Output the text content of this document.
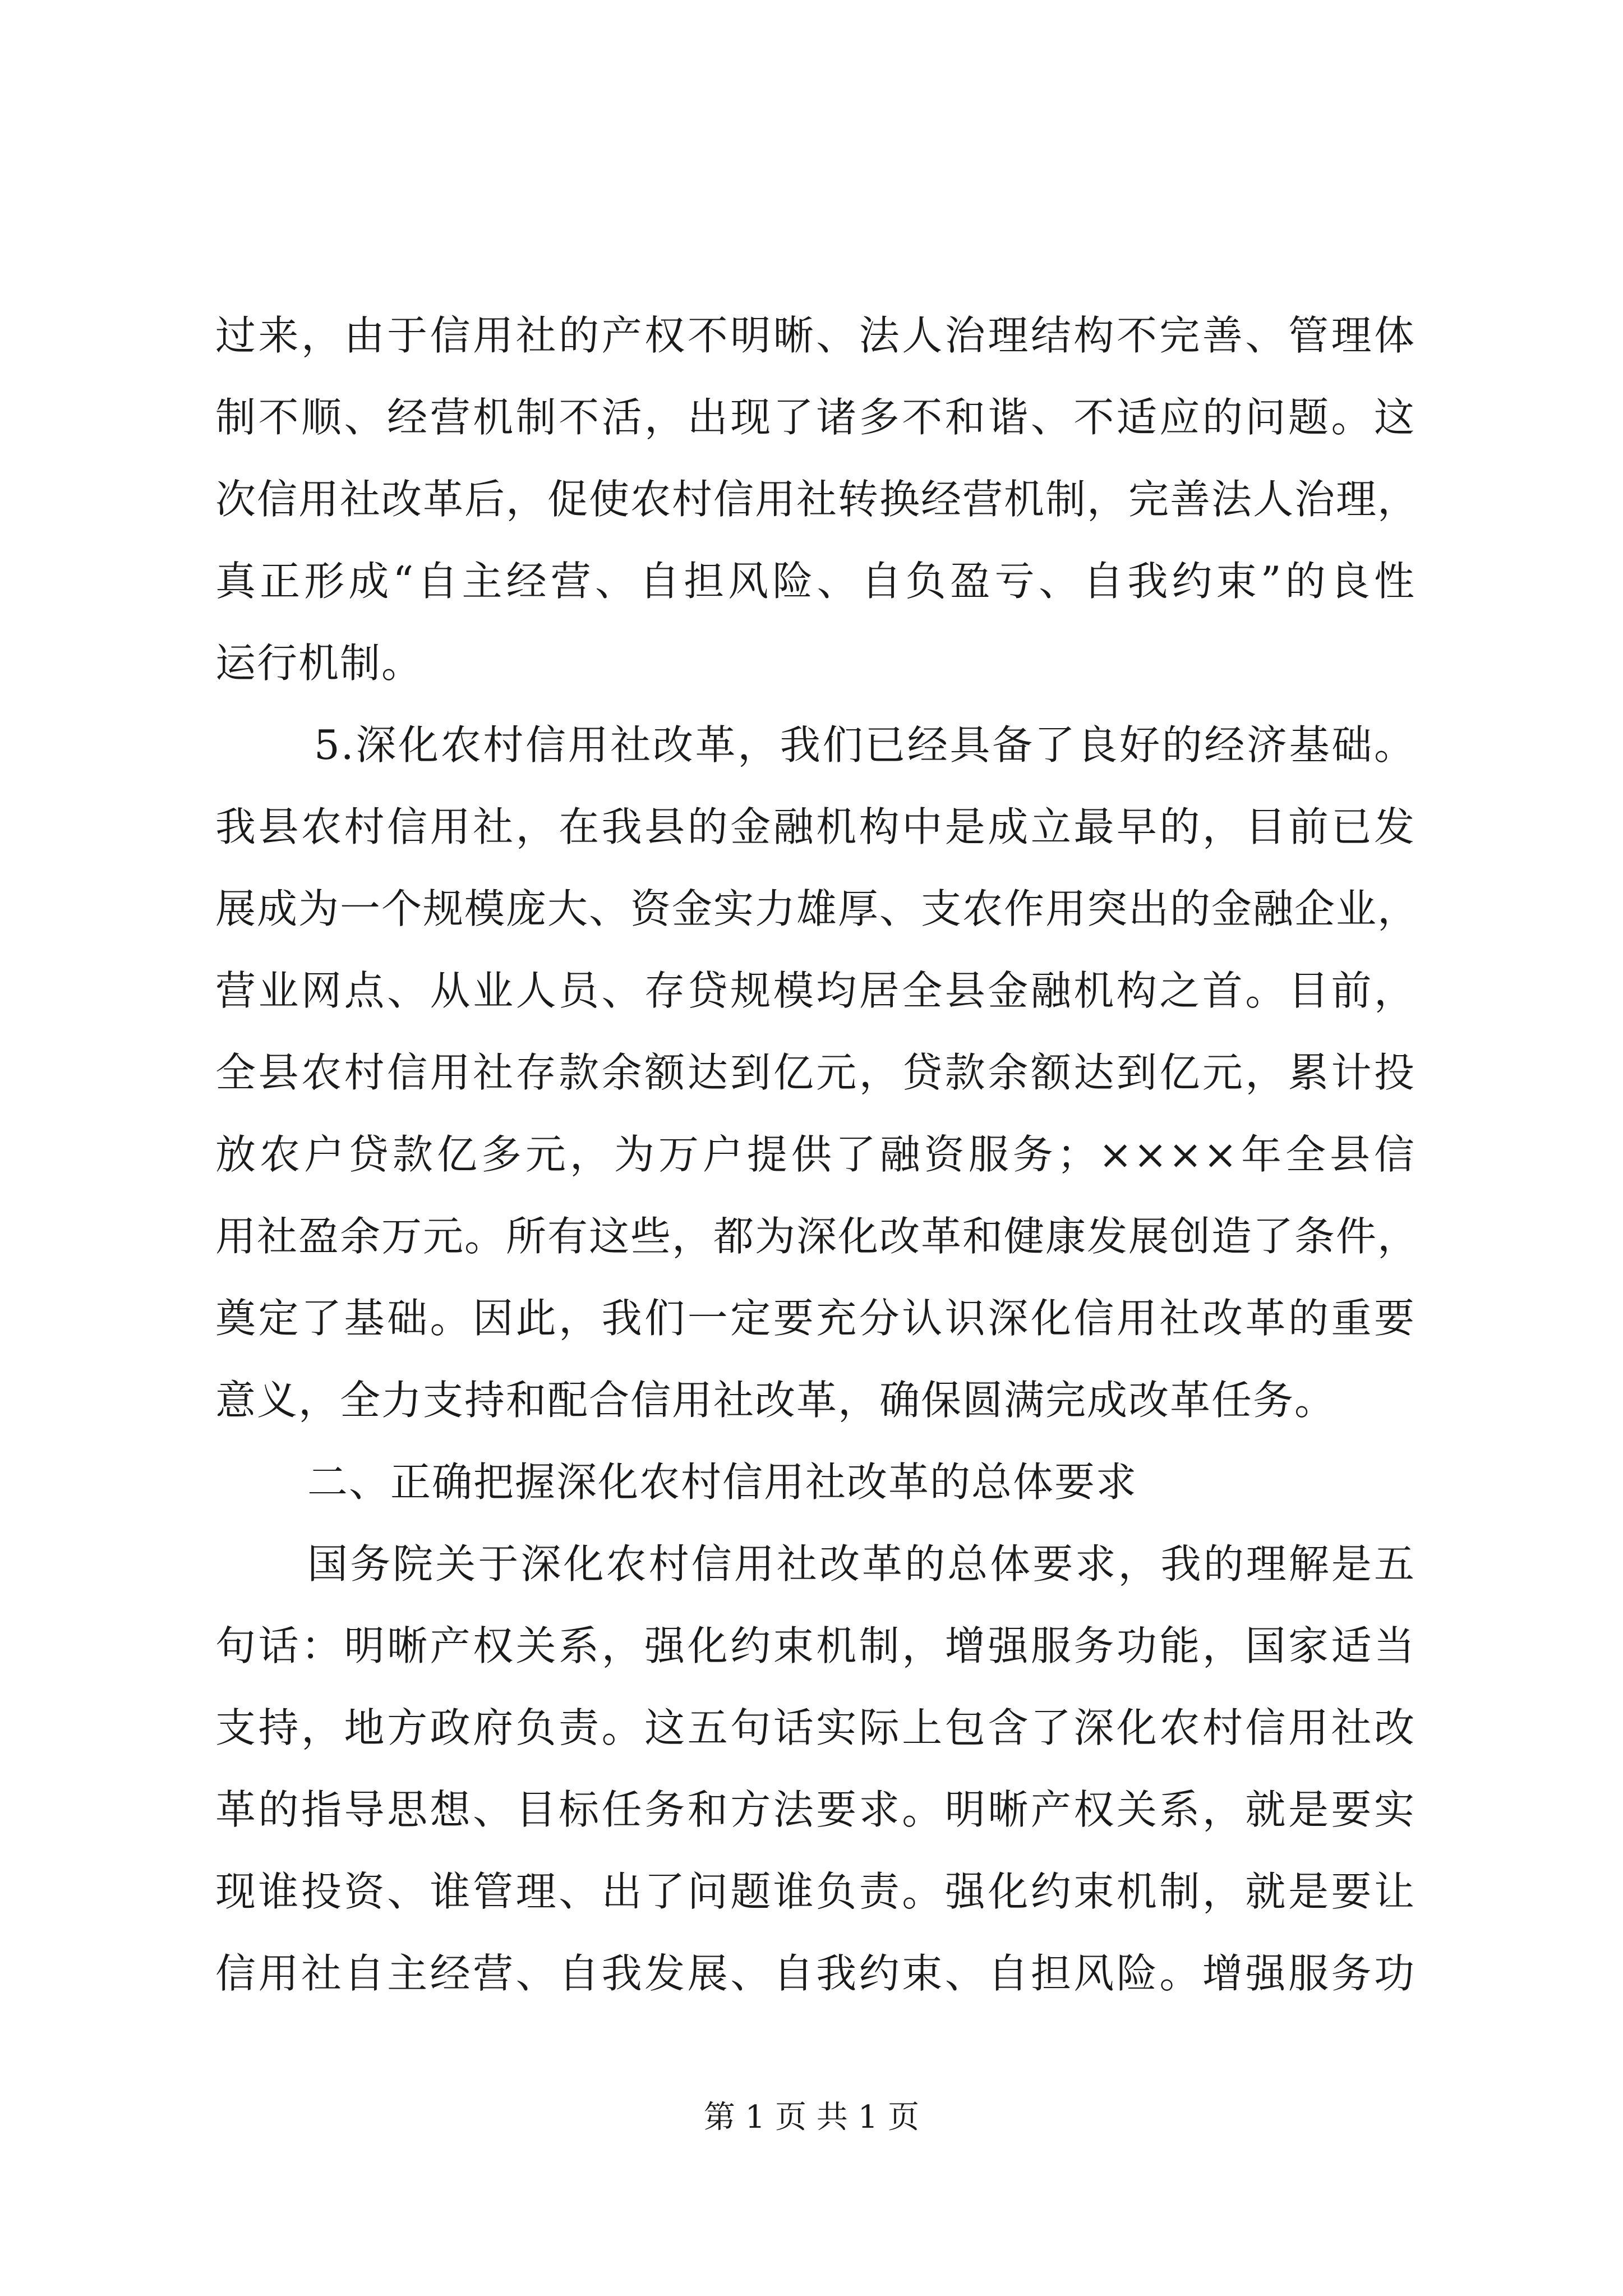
过来，由于信用社的产权不明晰、法人治理结构不完善、管理体
制不顺、经营机制不活，出现了诸多不和谐、不适应的问题。这
次信用社改革后，促使农村信用社转换经营机制，完善法人治理，
真正形成“自主经营、自担风险、自负盈亏、自我约束”的良性
运行机制。
5.深化农村信用社改革，我们已经具备了良好的经济基础。
我县农村信用社，在我县的金融机构中是成立最早的，目前已发
展成为一个规模庞大、资金实力雄厚、支农作用突出的金融企业，
营业网点、从业人员、存贷规模均居全县金融机构之首。目前，
全县农村信用社存款余额达到亿元，贷款余额达到亿元，累计投
放农户贷款亿多元，为万户提供了融资服务；××××年全县信
用社盈余万元。所有这些，都为深化改革和健康发展创造了条件，
奠定了基础。因此，我们一定要充分认识深化信用社改革的重要
意义，全力支持和配合信用社改革，确保圆满完成改革任务。
二、正确把握深化农村信用社改革的总体要求
国务院关于深化农村信用社改革的总体要求，我的理解是五
句话：明晰产权关系，强化约束机制，增强服务功能，国家适当
支持，地方政府负责。这五句话实际上包含了深化农村信用社改
革的指导思想、目标任务和方法要求。明晰产权关系，就是要实
现谁投资、谁管理、出了问题谁负责。强化约束机制，就是要让
信用社自主经营、自我发展、自我约束、自担风险。增强服务功
第 1 页 共 1 页
